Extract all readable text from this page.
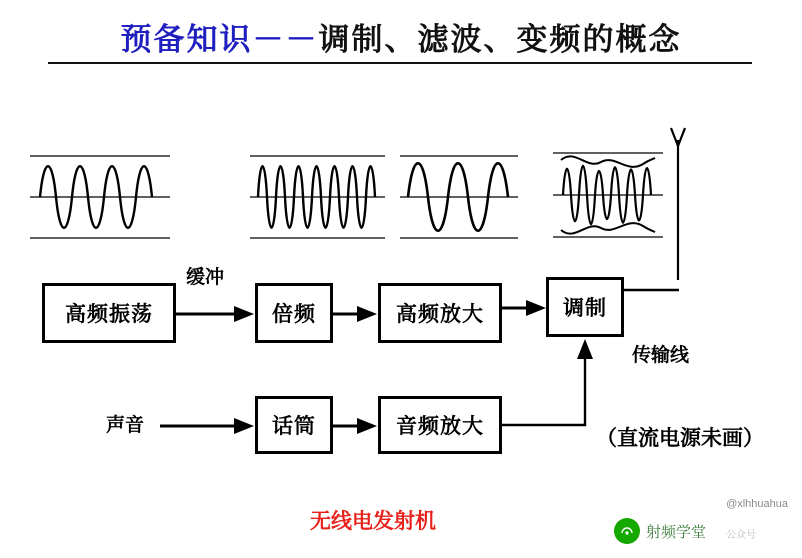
预备知识－－调制、滤波、变频的概念
高频振荡	倍频	高频放大	调制
话筒	音频放大
缓冲
声音
传输线
（直流电源未画）
无线电发射机
@xlhhuahua
射频学堂 公众号
